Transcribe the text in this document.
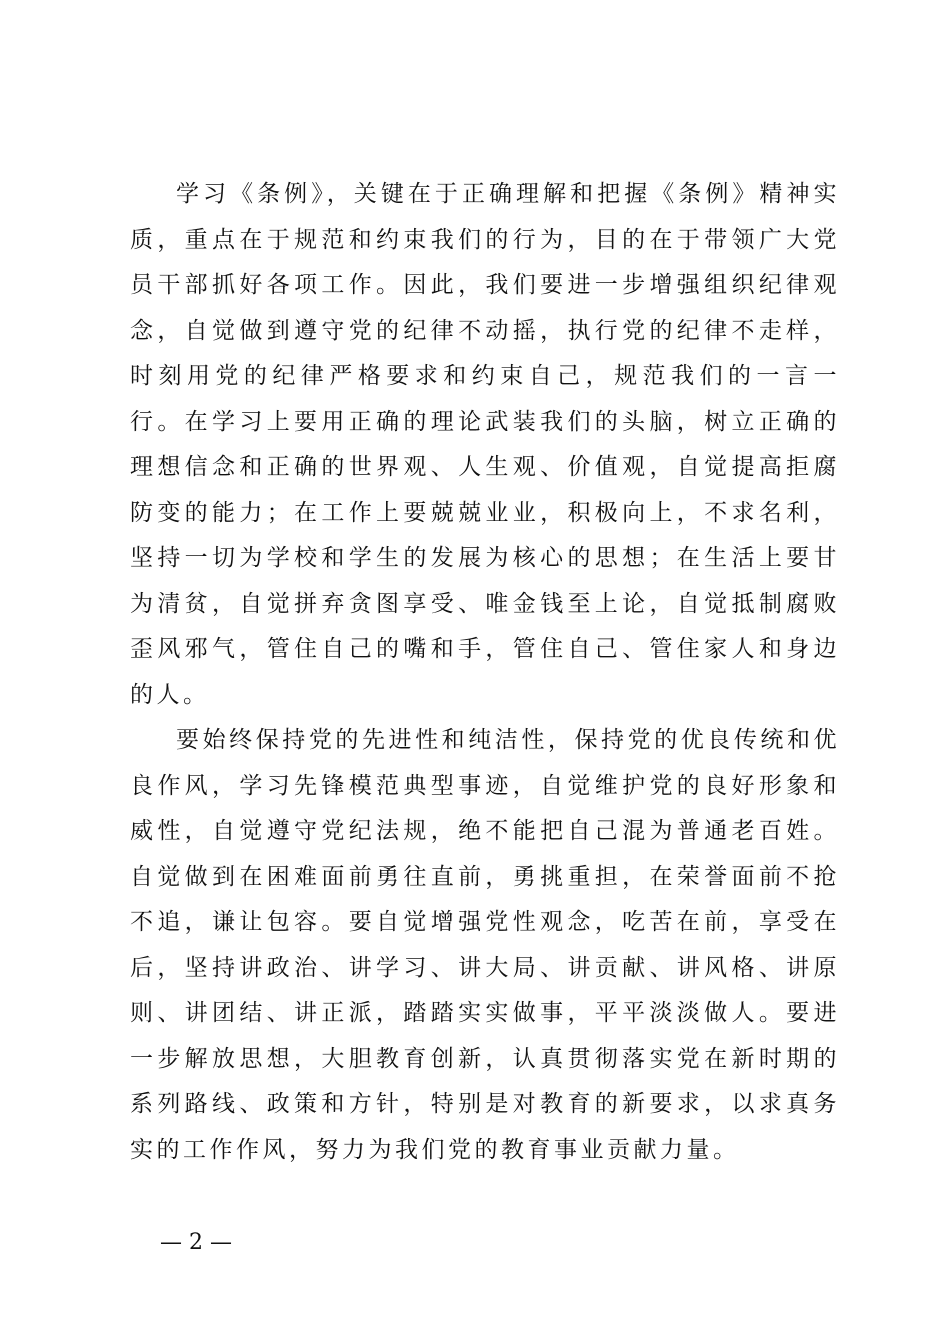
学习《条例》，关键在于正确理解和把握《条例》精神实质，重点在于规范和约束我们的行为，目的在于带领广大党员干部抓好各项工作。因此，我们要进一步增强组织纪律观念，自觉做到遵守党的纪律不动摇，执行党的纪律不走样，时刻用党的纪律严格要求和约束自己，规范我们的一言一行。在学习上要用正确的理论武装我们的头脑，树立正确的理想信念和正确的世界观、人生观、价值观，自觉提高拒腐防变的能力；在工作上要兢兢业业，积极向上，不求名利，坚持一切为学校和学生的发展为核心的思想；在生活上要甘为清贫，自觉拼弃贪图享受、唯金钱至上论，自觉抵制腐败歪风邪气，管住自己的嘴和手，管住自己、管住家人和身边的人。

要始终保持党的先进性和纯洁性，保持党的优良传统和优良作风，学习先锋模范典型事迹，自觉维护党的良好形象和威性，自觉遵守党纪法规，绝不能把自己混为普通老百姓。自觉做到在困难面前勇往直前，勇挑重担，在荣誉面前不抢不追，谦让包容。要自觉增强党性观念，吃苦在前，享受在后，坚持讲政治、讲学习、讲大局、讲贡献、讲风格、讲原则、讲团结、讲正派，踏踏实实做事，平平淡淡做人。要进一步解放思想，大胆教育创新，认真贯彻落实党在新时期的系列路线、政策和方针，特别是对教育的新要求，以求真务实的工作作风，努力为我们党的教育事业贡献力量。

— 2 —
